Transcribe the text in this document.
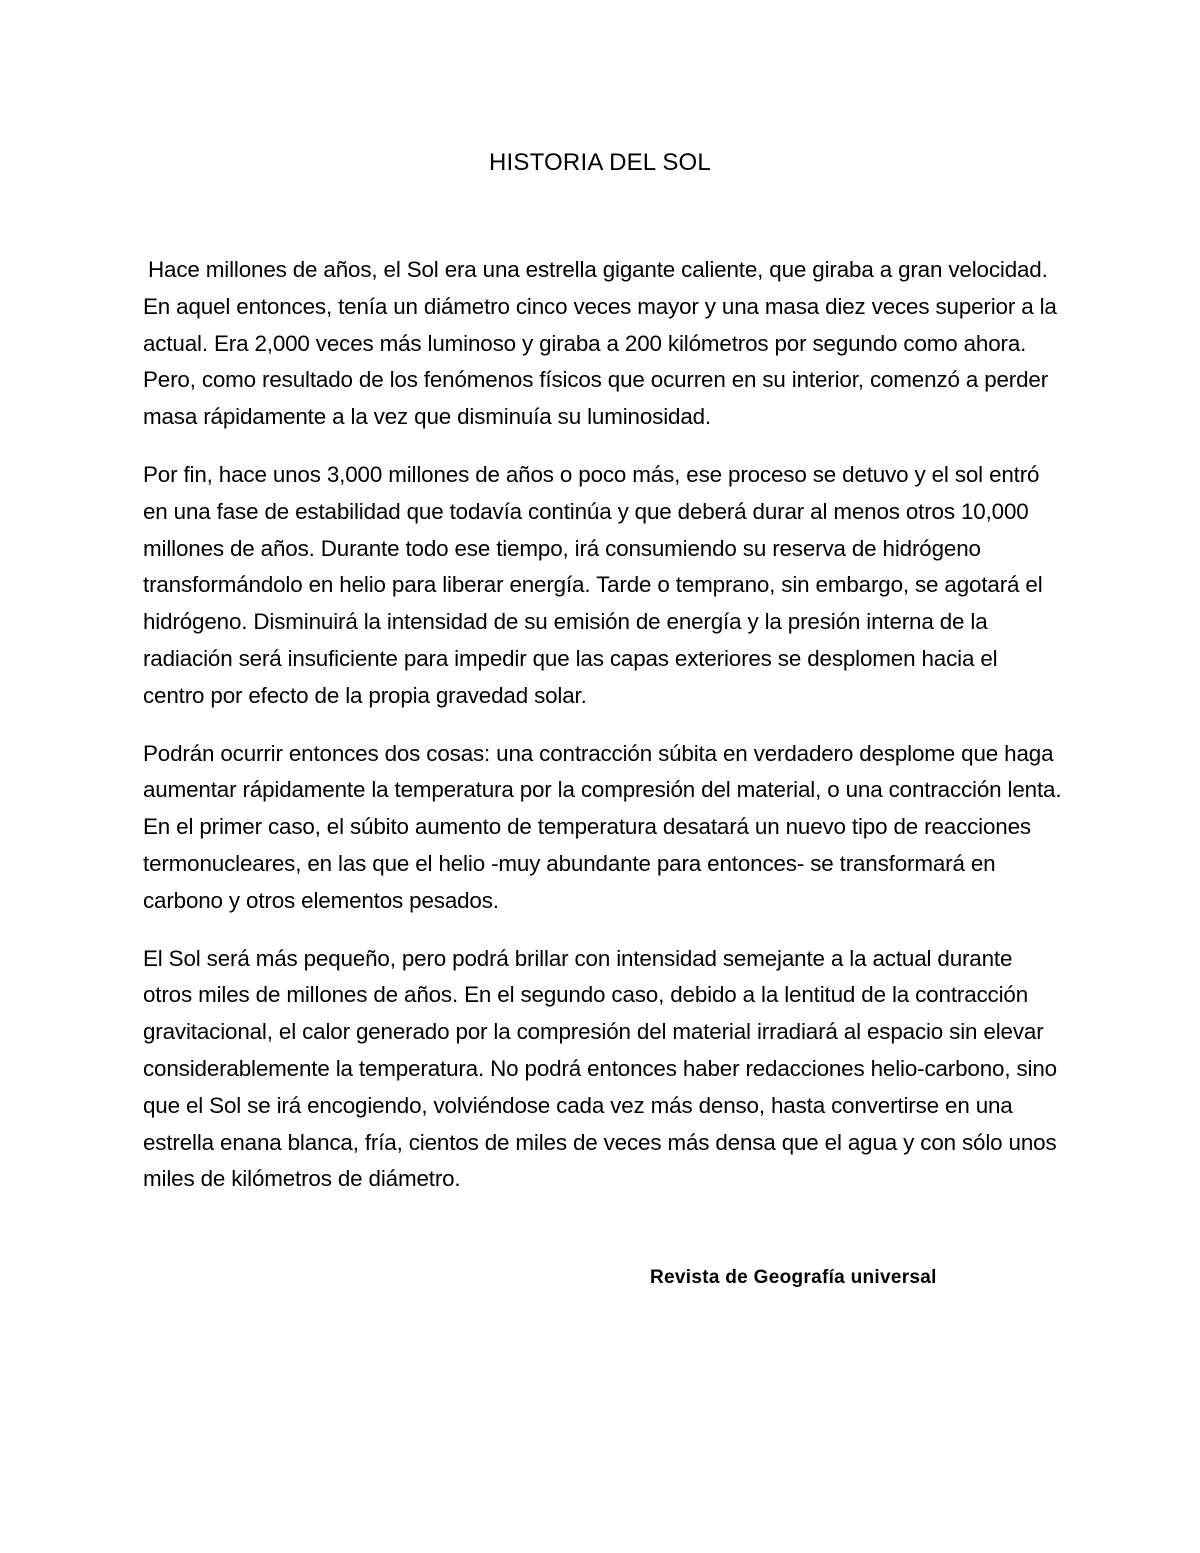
HISTORIA DEL SOL

Hace millones de años, el Sol era una estrella gigante caliente, que giraba a gran velocidad. En aquel entonces, tenía un diámetro cinco veces mayor y una masa diez veces superior a la actual. Era 2,000 veces más luminoso y giraba a 200 kilómetros por segundo como ahora. Pero, como resultado de los fenómenos físicos que ocurren en su interior, comenzó a perder masa rápidamente a la vez que disminuía su luminosidad.

Por fin, hace unos 3,000 millones de años o poco más, ese proceso se detuvo y el sol entró en una fase de estabilidad que todavía continúa y que deberá durar al menos otros 10,000 millones de años. Durante todo ese tiempo, irá consumiendo su reserva de hidrógeno transformándolo en helio para liberar energía. Tarde o temprano, sin embargo, se agotará el hidrógeno. Disminuirá la intensidad de su emisión de energía y la presión interna de la radiación será insuficiente para impedir que las capas exteriores se desplomen hacia el centro por efecto de la propia gravedad solar.

Podrán ocurrir entonces dos cosas: una contracción súbita en verdadero desplome que haga aumentar rápidamente la temperatura por la compresión del material, o una contracción lenta. En el primer caso, el súbito aumento de temperatura desatará un nuevo tipo de reacciones termonucleares, en las que el helio -muy abundante para entonces- se transformará en carbono y otros elementos pesados.

El Sol será más pequeño, pero podrá brillar con intensidad semejante a la actual durante otros miles de millones de años. En el segundo caso, debido a la lentitud de la contracción gravitacional, el calor generado por la compresión del material irradiará al espacio sin elevar considerablemente la temperatura. No podrá entonces haber redacciones helio-carbono, sino que el Sol se irá encogiendo, volviéndose cada vez más denso, hasta convertirse en una estrella enana blanca, fría, cientos de miles de veces más densa que el agua y con sólo unos miles de kilómetros de diámetro.

Revista de Geografía universal
